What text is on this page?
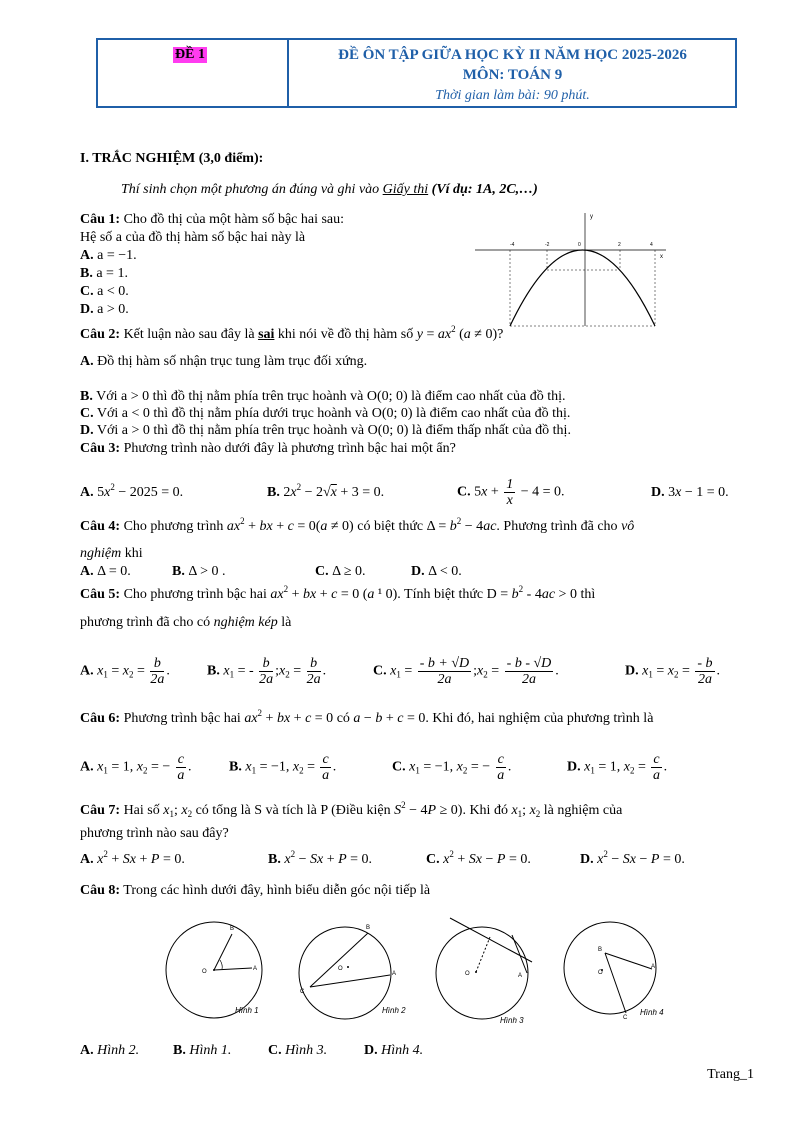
ĐỀ 1	ĐỀ ÔN TẬP GIỮA HỌC KỲ II NĂM HỌC 2025-2026
MÔN: TOÁN 9
Thời gian làm bài: 90 phút.
I. TRẮC NGHIỆM (3,0 điểm):
Thí sinh chọn một phương án đúng và ghi vào Giấy thi (Ví dụ: 1A, 2C,…)
Câu 1: Cho đồ thị của một hàm số bậc hai sau:
Hệ số a của đồ thị hàm số bậc hai này là
A. a = −1.
B. a = 1.
C. a < 0.
D. a > 0.
y
x
-4	-2	0	2	4
Câu 2: Kết luận nào sau đây là sai khi nói về đồ thị hàm số $y = ax^2$ (a ≠ 0)?
A. Đồ thị hàm số nhận trục tung làm trục đối xứng.
B. Với a > 0 thì đồ thị nằm phía trên trục hoành và O(0; 0) là điểm cao nhất của đồ thị.
C. Với a < 0 thì đồ thị nằm phía dưới trục hoành và O(0; 0) là điểm cao nhất của đồ thị.
D. Với a > 0 thì đồ thị nằm phía trên trục hoành và O(0; 0) là điểm thấp nhất của đồ thị.
Câu 3: Phương trình nào dưới đây là phương trình bậc hai một ẩn?
A. $5x^2 - 2025 = 0$.	B. $2x^2 - 2√x + 3 = 0$.	C. $5x + \frac{1}{x} - 4 = 0$.	D. 3x − 1 = 0.
Câu 4: Cho phương trình $ax^2$ + bx + c = 0(a ≠ 0) có biệt thức $\Delta = b^2 - 4ac$. Phương trình đã cho vô
nghiệm khi
A. Δ = 0.	B. Δ > 0 .	C. Δ ≥ 0.	D. Δ < 0.
Câu 5: Cho phương trình bậc hai $ax^2$ + bx + c = 0 (a ¹ 0). Tính biệt thức $D = b^2 - 4ac > 0$ thì
phương trình đã cho có nghiệm kép là
A. $x_1 = x_2 = \frac{b}{2a}$ .	B. $x_1$ = - $\frac{b}{2a}$ $;x_2 = \frac{b}{2a}$ .	C. $x_1 = \frac{- b + √D}{2a}$ $;x_2 = \frac{- b - √D}{2a}$ .	D. $x_1 = x_2 = \frac{- b}{2a}$ .
Câu 6: Phương trình bậc hai $ax^2$ + bx + c = 0 có a − b + c = 0. Khi đó, hai nghiệm của phương trình là
A. $x_1 = 1$, $x_2$ = − $\frac{c}{a}$ .	B. $x_1 = -1$, $x_2 = \frac{c}{a}$ .	C. $x_1 = -1$, $x_2$ = − $\frac{c}{a}$ .	D. $x_1 = 1$, $x_2 = \frac{c}{a}$ .
Câu 7: Hai số $x_1$; $x_2$ có tổng là S và tích là P (Điều kiện $S^2 - 4P \ge 0$). Khi đó $x_1$; $x_2$ là nghiệm của
phương trình nào sau đây?
A. $x^2 + Sx + P = 0$.	B. $x^2 - Sx + P = 0$.	C. $x^2 + Sx - P = 0$.	D. $x^2 - Sx - P = 0$.
Câu 8: Trong các hình dưới đây, hình biểu diễn góc nội tiếp là
O
B
A
Hình 1
O
B
A
C
Hình 2
O	A
Hình 3
O
B
A
C
Hình 4
A. Hình 2. B. Hình 1.	C. Hình 3.	D. Hình 4.
Trang_1
